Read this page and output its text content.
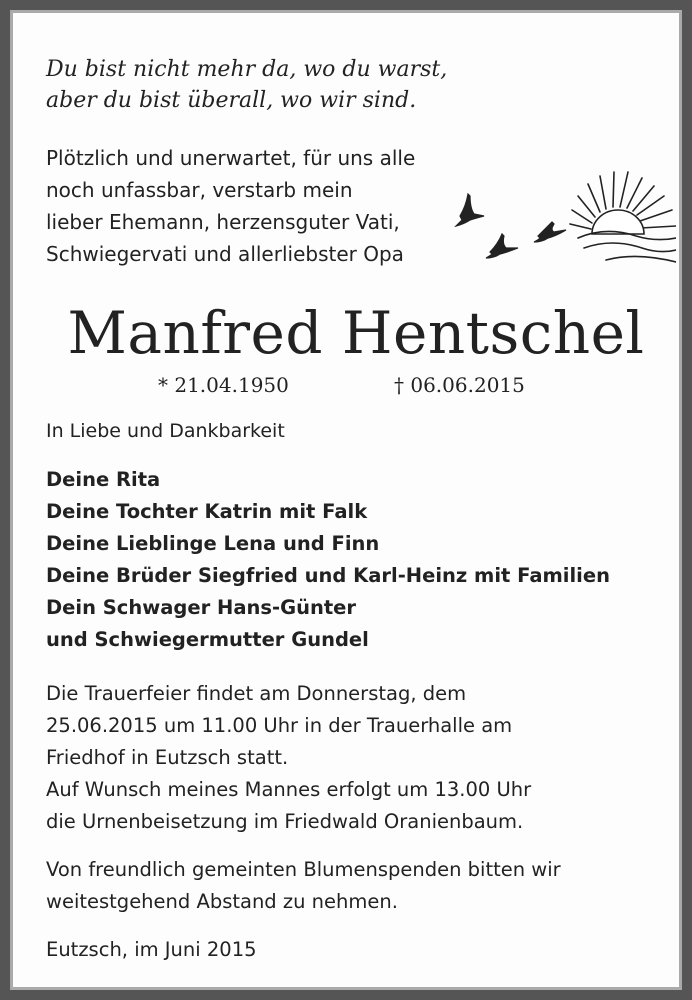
Du bist nicht mehr da, wo du warst,

aber du bist überall, wo wir sind.

Plötzlich und unerwartet, für uns alle
noch unfassbar, verstarb mein
lieber Ehemann, herzensguter Vati,
Schwiegervati und allerliebster Opa
Manfred Hentschel
* 21.04.1950	† 06.06.2015
In Liebe und Dankbarkeit
Deine Rita
Deine Tochter Katrin mit Falk
Deine Lieblinge Lena und Finn
Deine Brüder Siegfried und Karl-Heinz mit Familien
Dein Schwager Hans-Günter
und Schwiegermutter Gundel
Die Trauerfeier findet am Donnerstag, dem
25.06.2015 um 11.00 Uhr in der Trauerhalle am
Friedhof in Eutzsch statt.
Auf Wunsch meines Mannes erfolgt um 13.00 Uhr
die Urnenbeisetzung im Friedwald Oranienbaum.
Von freundlich gemeinten Blumenspenden bitten wir
weitestgehend Abstand zu nehmen.
Eutzsch, im Juni 2015
